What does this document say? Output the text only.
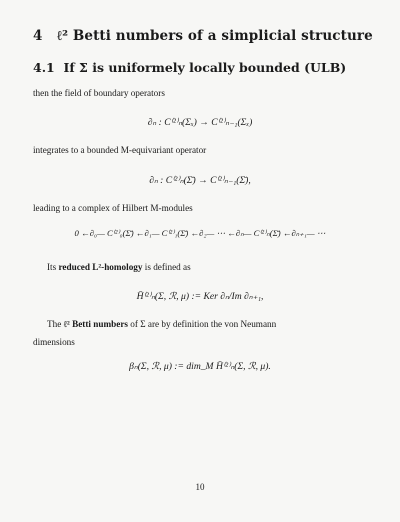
4 ℓ² Betti numbers of a simplicial structure
4.1 If Σ is uniformely locally bounded (ULB)
then the field of boundary operators
∂ₙ : C⁽²⁾ₙ(Σₓ) → C⁽²⁾ₙ₋₁(Σₓ)
integrates to a bounded M-equivariant operator
∂ₙ : C⁽²⁾ₙ(Σ̄) → C⁽²⁾ₙ₋₁(Σ̄),
leading to a complex of Hilbert M-modules
0 ←∂₀— C⁽²⁾₀(Σ̄) ←∂₁— C⁽²⁾₁(Σ̄) ←∂₂— ⋯ ←∂ₙ— C⁽²⁾ₙ(Σ̄) ←∂ₙ₊₁— ⋯
Its reduced L²-homology is defined as
H̄⁽²⁾ₙ(Σ, ℛ, μ) := Ker ∂ₙ/Im ∂ₙ₊₁,
The ℓ² Betti numbers of Σ are by definition the von Neumann
dimensions
βₙ(Σ, ℛ, μ) := dim_M H̄⁽²⁾ₙ(Σ, ℛ, μ).
10
